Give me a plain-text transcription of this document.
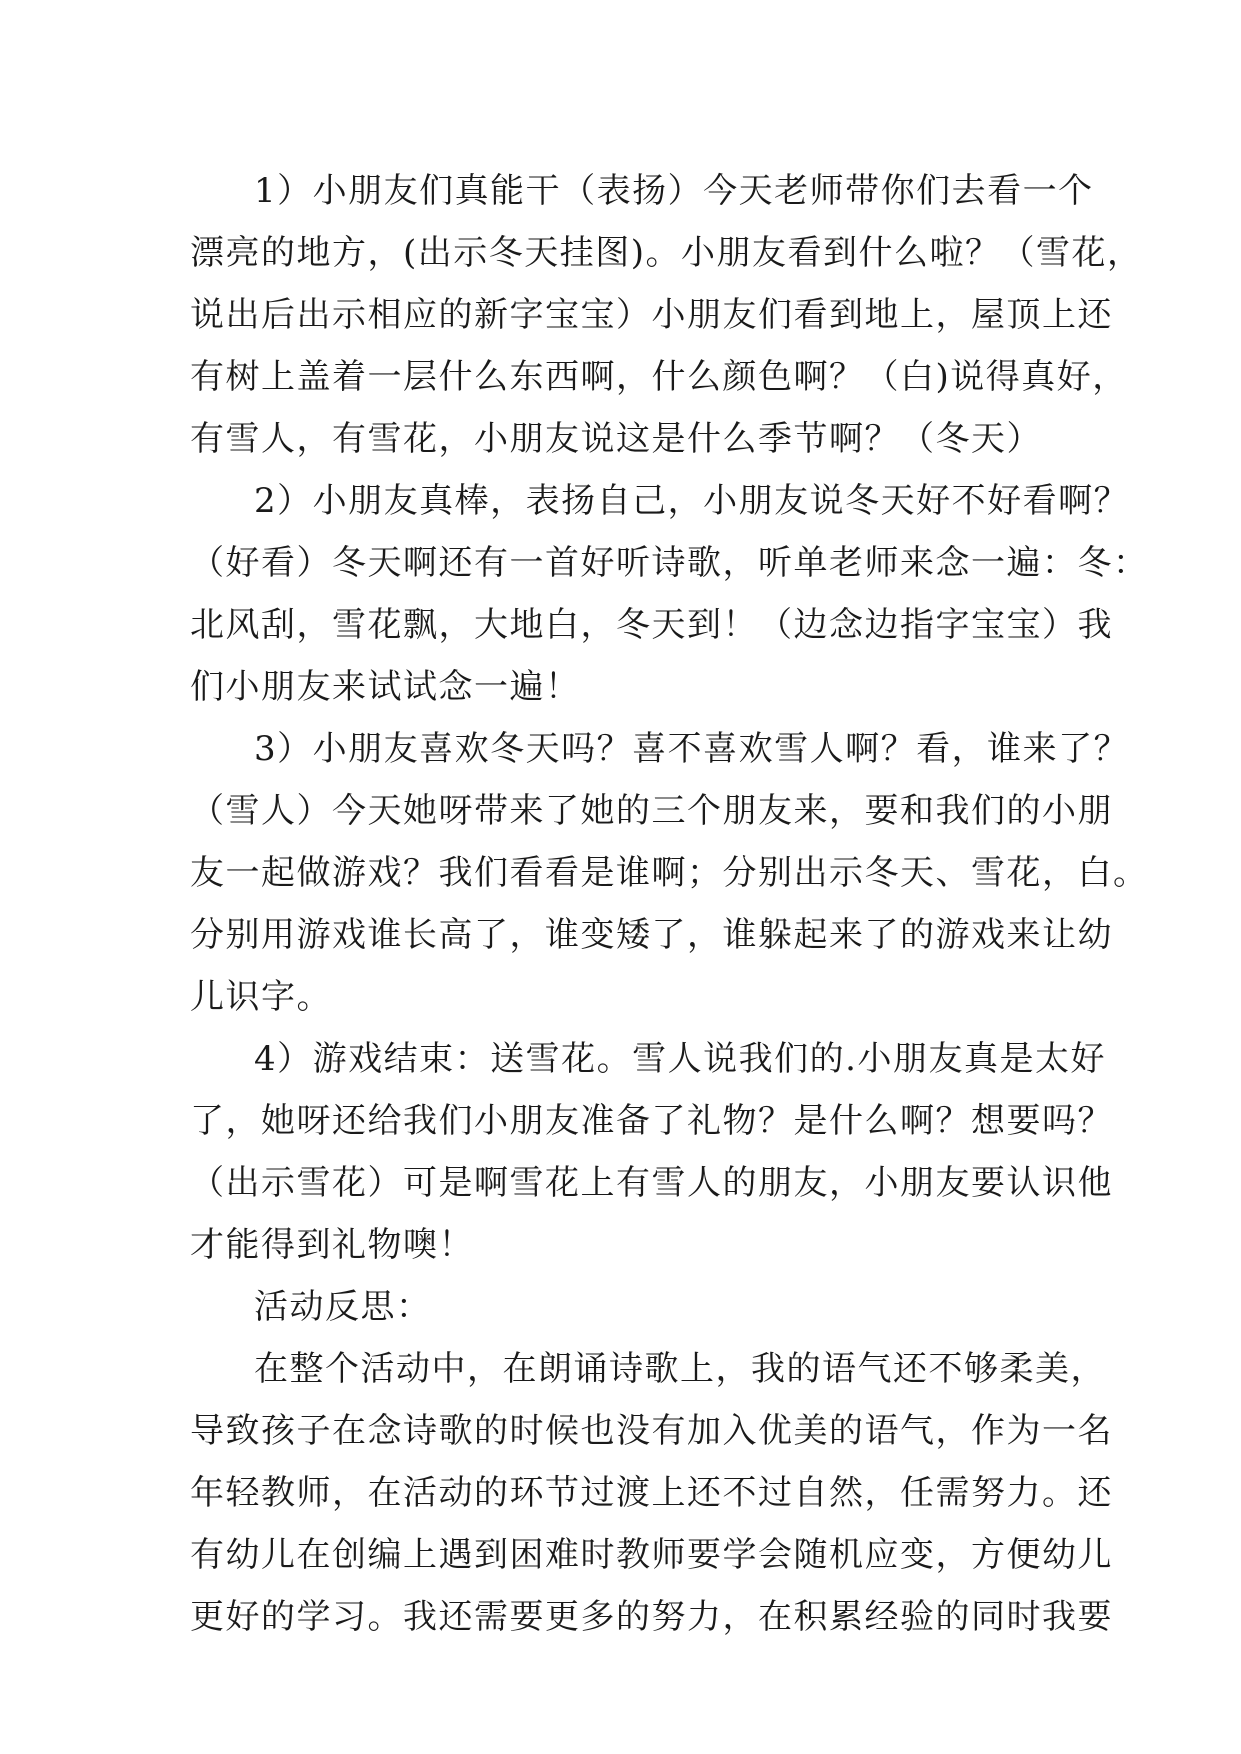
1）小朋友们真能干（表扬）今天老师带你们去看一个
漂亮的地方，(出示冬天挂图)。小朋友看到什么啦？（雪花，
说出后出示相应的新字宝宝）小朋友们看到地上，屋顶上还
有树上盖着一层什么东西啊，什么颜色啊？（白)说得真好，
有雪人，有雪花，小朋友说这是什么季节啊？（冬天）

2）小朋友真棒，表扬自己，小朋友说冬天好不好看啊？
（好看）冬天啊还有一首好听诗歌，听单老师来念一遍：冬：
北风刮，雪花飘，大地白，冬天到！（边念边指字宝宝）我
们小朋友来试试念一遍！

3）小朋友喜欢冬天吗？喜不喜欢雪人啊？看，谁来了？
（雪人）今天她呀带来了她的三个朋友来，要和我们的小朋
友一起做游戏？我们看看是谁啊；分别出示冬天、雪花，白。
分别用游戏谁长高了，谁变矮了，谁躲起来了的游戏来让幼
儿识字。

4）游戏结束：送雪花。雪人说我们的.小朋友真是太好
了，她呀还给我们小朋友准备了礼物？是什么啊？想要吗？
（出示雪花）可是啊雪花上有雪人的朋友，小朋友要认识他
才能得到礼物噢！

活动反思：

在整个活动中，在朗诵诗歌上，我的语气还不够柔美，
导致孩子在念诗歌的时候也没有加入优美的语气，作为一名
年轻教师，在活动的环节过渡上还不过自然，任需努力。还
有幼儿在创编上遇到困难时教师要学会随机应变，方便幼儿
更好的学习。我还需要更多的努力，在积累经验的同时我要
